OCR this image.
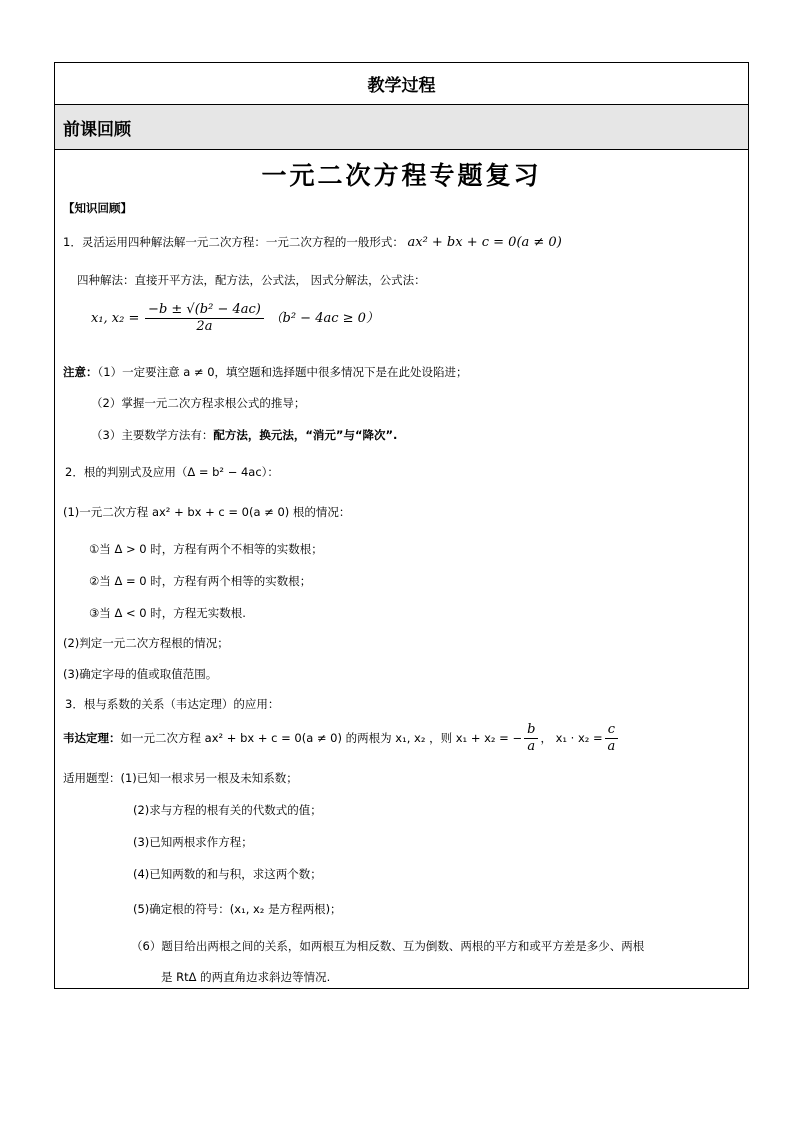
教学过程
前课回顾
一元二次方程专题复习
【知识回顾】
1．灵活运用四种解法解一元二次方程：一元二次方程的一般形式： ax² + bx + c = 0(a ≠ 0)
四种解法：直接开平方法，配方法，公式法， 因式分解法，公式法：
x₁, $x_2 = \frac{\text{−b ± √(b² − 4ac)}}{2a} (b^2 - 4ac \ge 0)$
注意：（1）一定要注意 a ≠ 0，填空题和选择题中很多情况下是在此处设陷进；
（2）掌握一元二次方程求根公式的推导；
（3）主要数学方法有：配方法，换元法，“消元”与“降次”.
2．根的判别式及应用（Δ = b² − 4ac）：
(1)一元二次方程 ax² + bx + c = 0(a ≠ 0) 根的情况：
①当 Δ > 0 时，方程有两个不相等的实数根；
②当 Δ = 0 时，方程有两个相等的实数根；
③当 Δ < 0 时，方程无实数根.
(2)判定一元二次方程根的情况；
(3)确定字母的值或取值范围。
3．根与系数的关系（韦达定理）的应用：
韦达定理：如一元二次方程 ax² + bx + c = 0(a ≠ 0) 的两根为 x₁, x₂ ，则 x₁ + x₂ = − $\frac{b}{a}$ ， $x_1 \cdot x_2 = \frac{c}{a}$
适用题型：(1)已知一根求另一根及未知系数；
(2)求与方程的根有关的代数式的值；
(3)已知两根求作方程；
(4)已知两数的和与积，求这两个数；
(5)确定根的符号：(x₁, x₂ 是方程两根)；
（6）题目给出两根之间的关系，如两根互为相反数、互为倒数、两根的平方和或平方差是多少、两根
是 RtΔ 的两直角边求斜边等情况.
